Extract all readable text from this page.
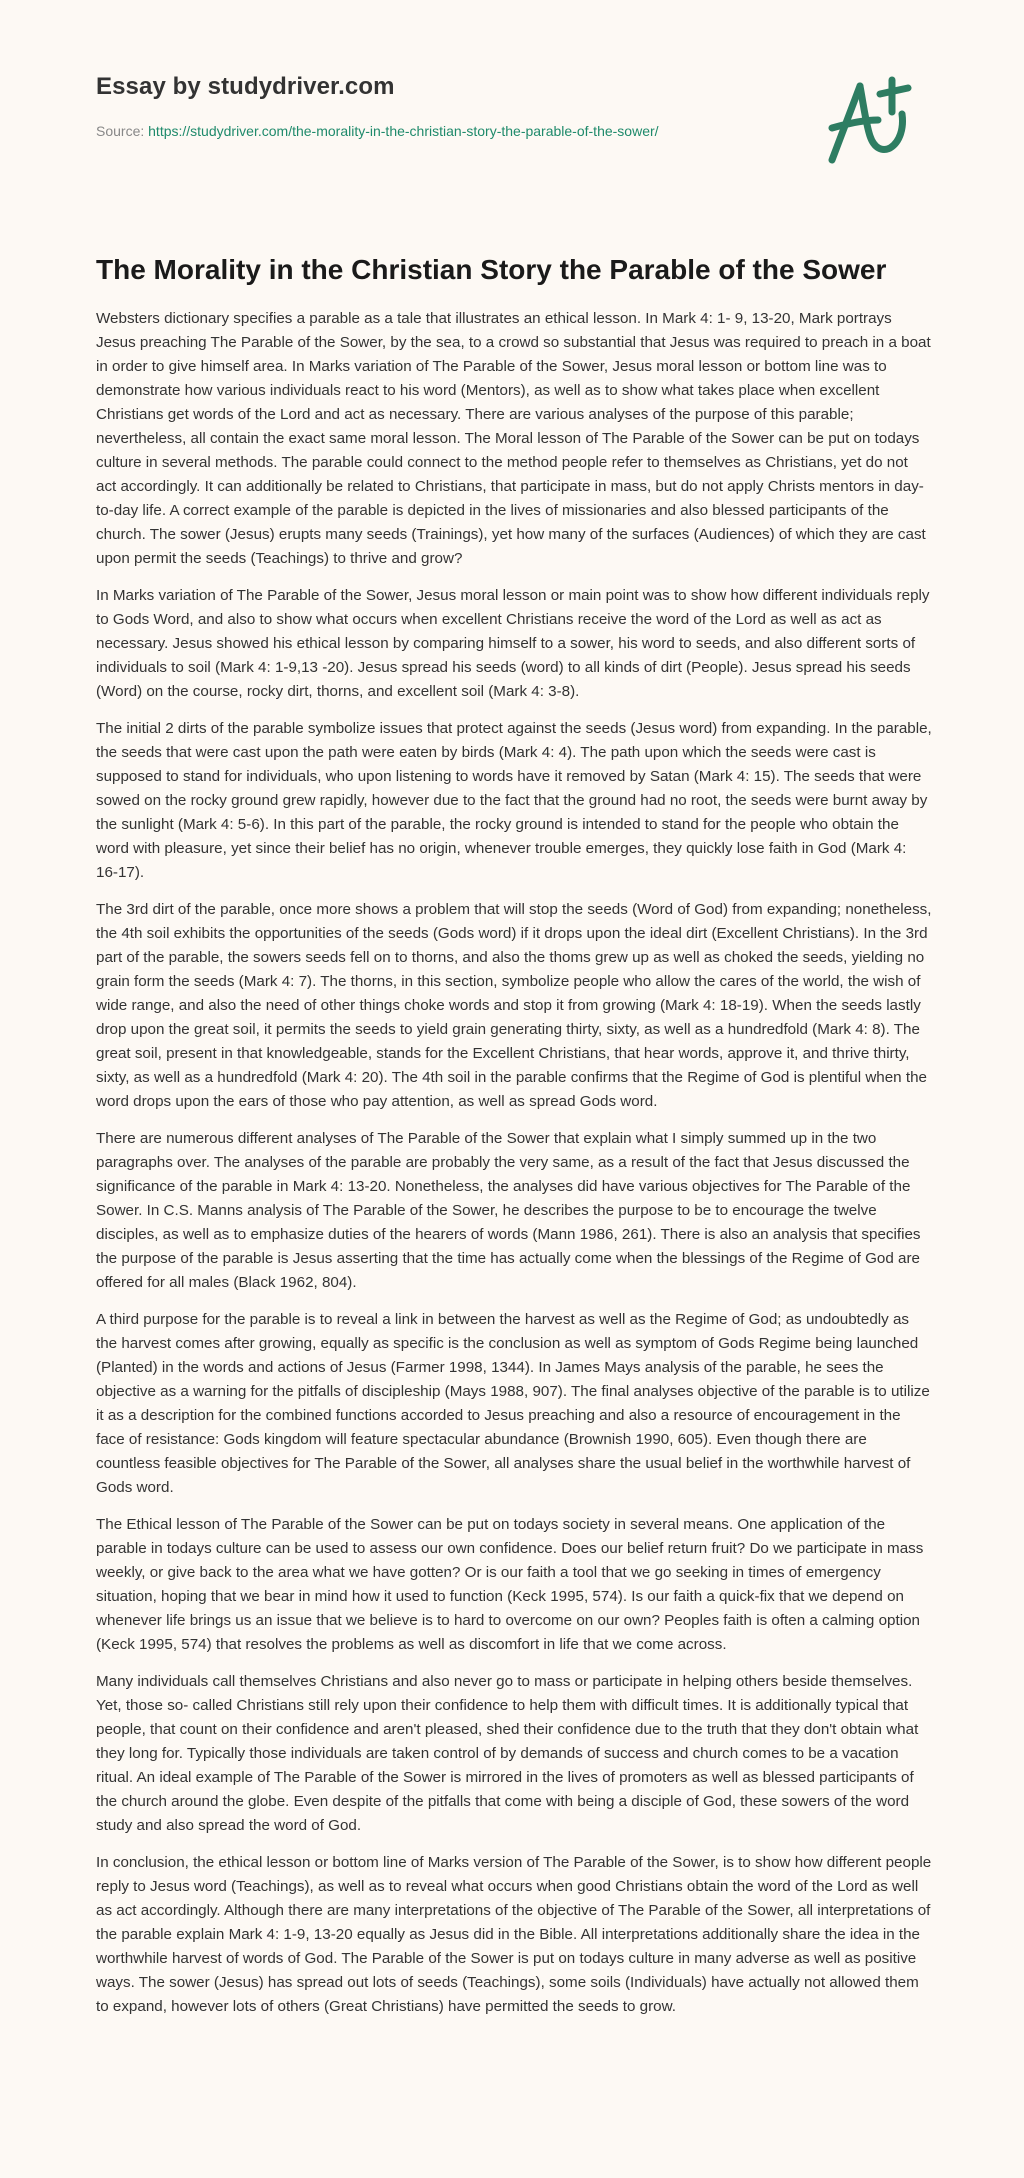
Essay by studydriver.com
Source: https://studydriver.com/the-morality-in-the-christian-story-the-parable-of-the-sower/
The Morality in the Christian Story the Parable of the Sower

Websters dictionary specifies a parable as a tale that illustrates an ethical lesson. In Mark 4: 1- 9, 13-20, Mark portrays Jesus preaching The Parable of the Sower, by the sea, to a crowd so substantial that Jesus was required to preach in a boat in order to give himself area. In Marks variation of The Parable of the Sower, Jesus moral lesson or bottom line was to demonstrate how various individuals react to his word (Mentors), as well as to show what takes place when excellent Christians get words of the Lord and act as necessary. There are various analyses of the purpose of this parable; nevertheless, all contain the exact same moral lesson. The Moral lesson of The Parable of the Sower can be put on todays culture in several methods. The parable could connect to the method people refer to themselves as Christians, yet do not act accordingly. It can additionally be related to Christians, that participate in mass, but do not apply Christs mentors in day-to-day life. A correct example of the parable is depicted in the lives of missionaries and also blessed participants of the church. The sower (Jesus) erupts many seeds (Trainings), yet how many of the surfaces (Audiences) of which they are cast upon permit the seeds (Teachings) to thrive and grow?

In Marks variation of The Parable of the Sower, Jesus moral lesson or main point was to show how different individuals reply to Gods Word, and also to show what occurs when excellent Christians receive the word of the Lord as well as act as necessary. Jesus showed his ethical lesson by comparing himself to a sower, his word to seeds, and also different sorts of individuals to soil (Mark 4: 1-9,13 -20). Jesus spread his seeds (word) to all kinds of dirt (People). Jesus spread his seeds (Word) on the course, rocky dirt, thorns, and excellent soil (Mark 4: 3-8).

The initial 2 dirts of the parable symbolize issues that protect against the seeds (Jesus word) from expanding. In the parable, the seeds that were cast upon the path were eaten by birds (Mark 4: 4). The path upon which the seeds were cast is supposed to stand for individuals, who upon listening to words have it removed by Satan (Mark 4: 15). The seeds that were sowed on the rocky ground grew rapidly, however due to the fact that the ground had no root, the seeds were burnt away by the sunlight (Mark 4: 5-6). In this part of the parable, the rocky ground is intended to stand for the people who obtain the word with pleasure, yet since their belief has no origin, whenever trouble emerges, they quickly lose faith in God (Mark 4: 16-17).

The 3rd dirt of the parable, once more shows a problem that will stop the seeds (Word of God) from expanding; nonetheless, the 4th soil exhibits the opportunities of the seeds (Gods word) if it drops upon the ideal dirt (Excellent Christians). In the 3rd part of the parable, the sowers seeds fell on to thorns, and also the thoms grew up as well as choked the seeds, yielding no grain form the seeds (Mark 4: 7). The thorns, in this section, symbolize people who allow the cares of the world, the wish of wide range, and also the need of other things choke words and stop it from growing (Mark 4: 18-19). When the seeds lastly drop upon the great soil, it permits the seeds to yield grain generating thirty, sixty, as well as a hundredfold (Mark 4: 8). The great soil, present in that knowledgeable, stands for the Excellent Christians, that hear words, approve it, and thrive thirty, sixty, as well as a hundredfold (Mark 4: 20). The 4th soil in the parable confirms that the Regime of God is plentiful when the word drops upon the ears of those who pay attention, as well as spread Gods word.

There are numerous different analyses of The Parable of the Sower that explain what I simply summed up in the two paragraphs over. The analyses of the parable are probably the very same, as a result of the fact that Jesus discussed the significance of the parable in Mark 4: 13-20. Nonetheless, the analyses did have various objectives for The Parable of the Sower. In C.S. Manns analysis of The Parable of the Sower, he describes the purpose to be to encourage the twelve disciples, as well as to emphasize duties of the hearers of words (Mann 1986, 261). There is also an analysis that specifies the purpose of the parable is Jesus asserting that the time has actually come when the blessings of the Regime of God are offered for all males (Black 1962, 804).

A third purpose for the parable is to reveal a link in between the harvest as well as the Regime of God; as undoubtedly as the harvest comes after growing, equally as specific is the conclusion as well as symptom of Gods Regime being launched (Planted) in the words and actions of Jesus (Farmer 1998, 1344). In James Mays analysis of the parable, he sees the objective as a warning for the pitfalls of discipleship (Mays 1988, 907). The final analyses objective of the parable is to utilize it as a description for the combined functions accorded to Jesus preaching and also a resource of encouragement in the face of resistance: Gods kingdom will feature spectacular abundance (Brownish 1990, 605). Even though there are countless feasible objectives for The Parable of the Sower, all analyses share the usual belief in the worthwhile harvest of Gods word.

The Ethical lesson of The Parable of the Sower can be put on todays society in several means. One application of the parable in todays culture can be used to assess our own confidence. Does our belief return fruit? Do we participate in mass weekly, or give back to the area what we have gotten? Or is our faith a tool that we go seeking in times of emergency situation, hoping that we bear in mind how it used to function (Keck 1995, 574). Is our faith a quick-fix that we depend on whenever life brings us an issue that we believe is to hard to overcome on our own? Peoples faith is often a calming option (Keck 1995, 574) that resolves the problems as well as discomfort in life that we come across.

Many individuals call themselves Christians and also never go to mass or participate in helping others beside themselves. Yet, those so- called Christians still rely upon their confidence to help them with difficult times. It is additionally typical that people, that count on their confidence and aren't pleased, shed their confidence due to the truth that they don't obtain what they long for. Typically those individuals are taken control of by demands of success and church comes to be a vacation ritual. An ideal example of The Parable of the Sower is mirrored in the lives of promoters as well as blessed participants of the church around the globe. Even despite of the pitfalls that come with being a disciple of God, these sowers of the word study and also spread the word of God.

In conclusion, the ethical lesson or bottom line of Marks version of The Parable of the Sower, is to show how different people reply to Jesus word (Teachings), as well as to reveal what occurs when good Christians obtain the word of the Lord as well as act accordingly. Although there are many interpretations of the objective of The Parable of the Sower, all interpretations of the parable explain Mark 4: 1-9, 13-20 equally as Jesus did in the Bible. All interpretations additionally share the idea in the worthwhile harvest of words of God. The Parable of the Sower is put on todays culture in many adverse as well as positive ways. The sower (Jesus) has spread out lots of seeds (Teachings), some soils (Individuals) have actually not allowed them to expand, however lots of others (Great Christians) have permitted the seeds to grow.
